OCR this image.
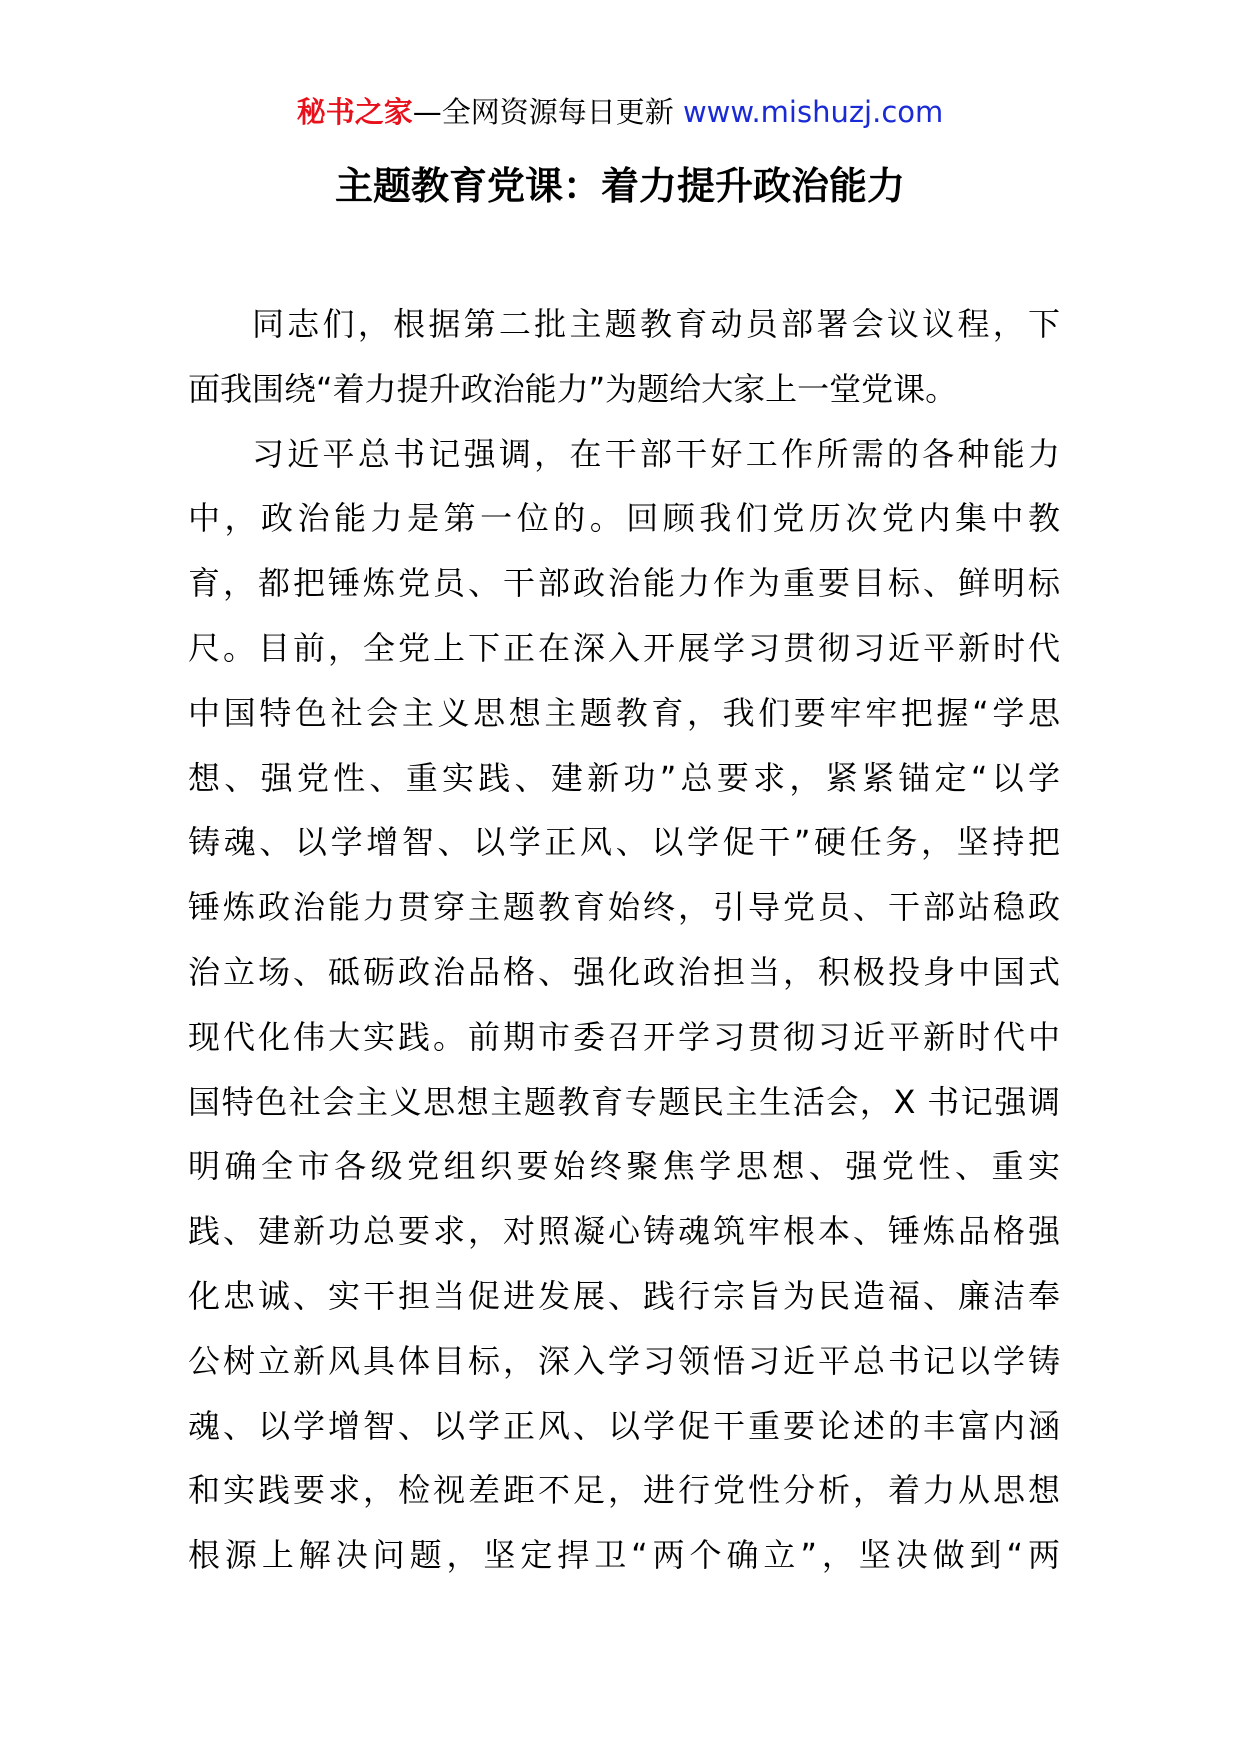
秘书之家—全网资源每日更新 www.mishuzj.com
主题教育党课：着力提升政治能力
同志们，根据第二批主题教育动员部署会议议程，下
面我围绕“着力提升政治能力”为题给大家上一堂党课。
习近平总书记强调，在干部干好工作所需的各种能力
中，政治能力是第一位的。回顾我们党历次党内集中教
育，都把锤炼党员、干部政治能力作为重要目标、鲜明标
尺。目前，全党上下正在深入开展学习贯彻习近平新时代
中国特色社会主义思想主题教育，我们要牢牢把握“学思
想、强党性、重实践、建新功”总要求，紧紧锚定“以学
铸魂、以学增智、以学正风、以学促干”硬任务，坚持把
锤炼政治能力贯穿主题教育始终，引导党员、干部站稳政
治立场、砥砺政治品格、强化政治担当，积极投身中国式
现代化伟大实践。前期市委召开学习贯彻习近平新时代中
国特色社会主义思想主题教育专题民主生活会，X 书记强调
明确全市各级党组织要始终聚焦学思想、强党性、重实
践、建新功总要求，对照凝心铸魂筑牢根本、锤炼品格强
化忠诚、实干担当促进发展、践行宗旨为民造福、廉洁奉
公树立新风具体目标，深入学习领悟习近平总书记以学铸
魂、以学增智、以学正风、以学促干重要论述的丰富内涵
和实践要求，检视差距不足，进行党性分析，着力从思想
根源上解决问题，坚定捍卫“两个确立”，坚决做到“两
